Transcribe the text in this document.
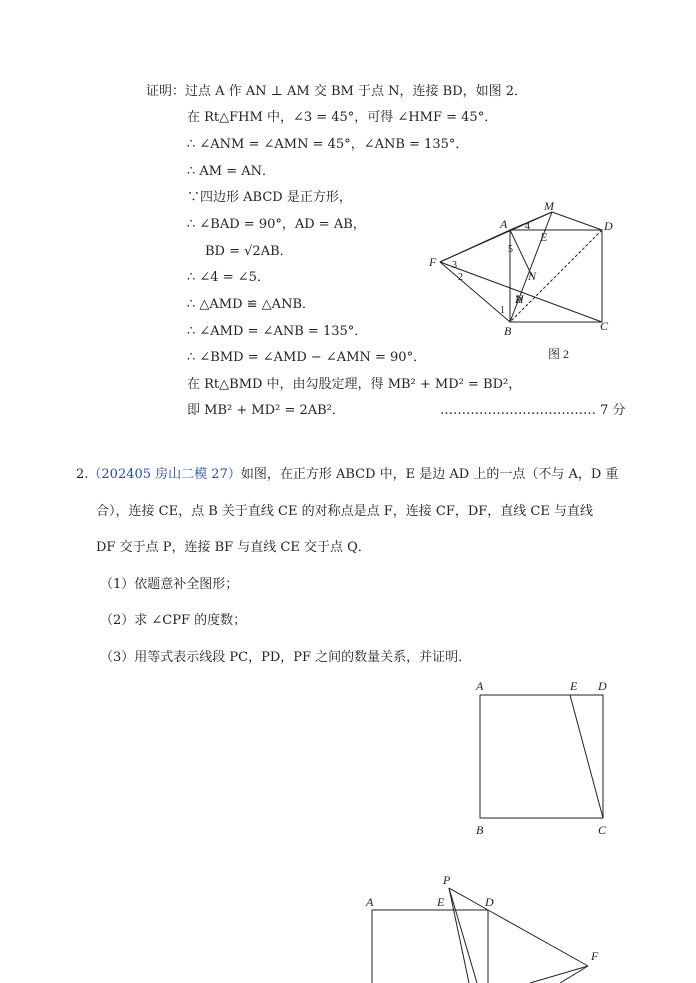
证明：过点 A 作 AN ⊥ AM 交 BM 于点 N，连接 BD，如图 2．
在 Rt△FHM 中，∠3 = 45°，可得 ∠HMF = 45°．
∴ ∠ANM = ∠AMN = 45°，∠ANB = 135°．
∴ AM = AN．
∵四边形 ABCD 是正方形，
∴ ∠BAD = 90°，AD = AB，
BD = √2AB．
∴ ∠4 = ∠5．
∴ △AMD ≌ △ANB．
∴ ∠AMD = ∠ANB = 135°．
∴ ∠BMD = ∠AMD − ∠AMN = 90°．
在 Rt△BMD 中，由勾股定理，得 MB² + MD² = BD²，
即 MB² + MD² = 2AB²．	……………………………… 7 分
A
M
D
E
F
N
H
B	C
1
2
3
4
5
图 2
2.（202405 房山二模 27）如图，在正方形 ABCD 中，E 是边 AD 上的一点（不与 A，D 重
合），连接 CE，点 B 关于直线 CE 的对称点是点 F，连接 CF，DF，直线 CE 与直线
DF 交于点 P，连接 BF 与直线 CE 交于点 Q．
（1）依题意补全图形；
（2）求 ∠CPF 的度数；
（3）用等式表示线段 PC，PD，PF 之间的数量关系，并证明．
A	E D
B	C
P
A	E	D
F
